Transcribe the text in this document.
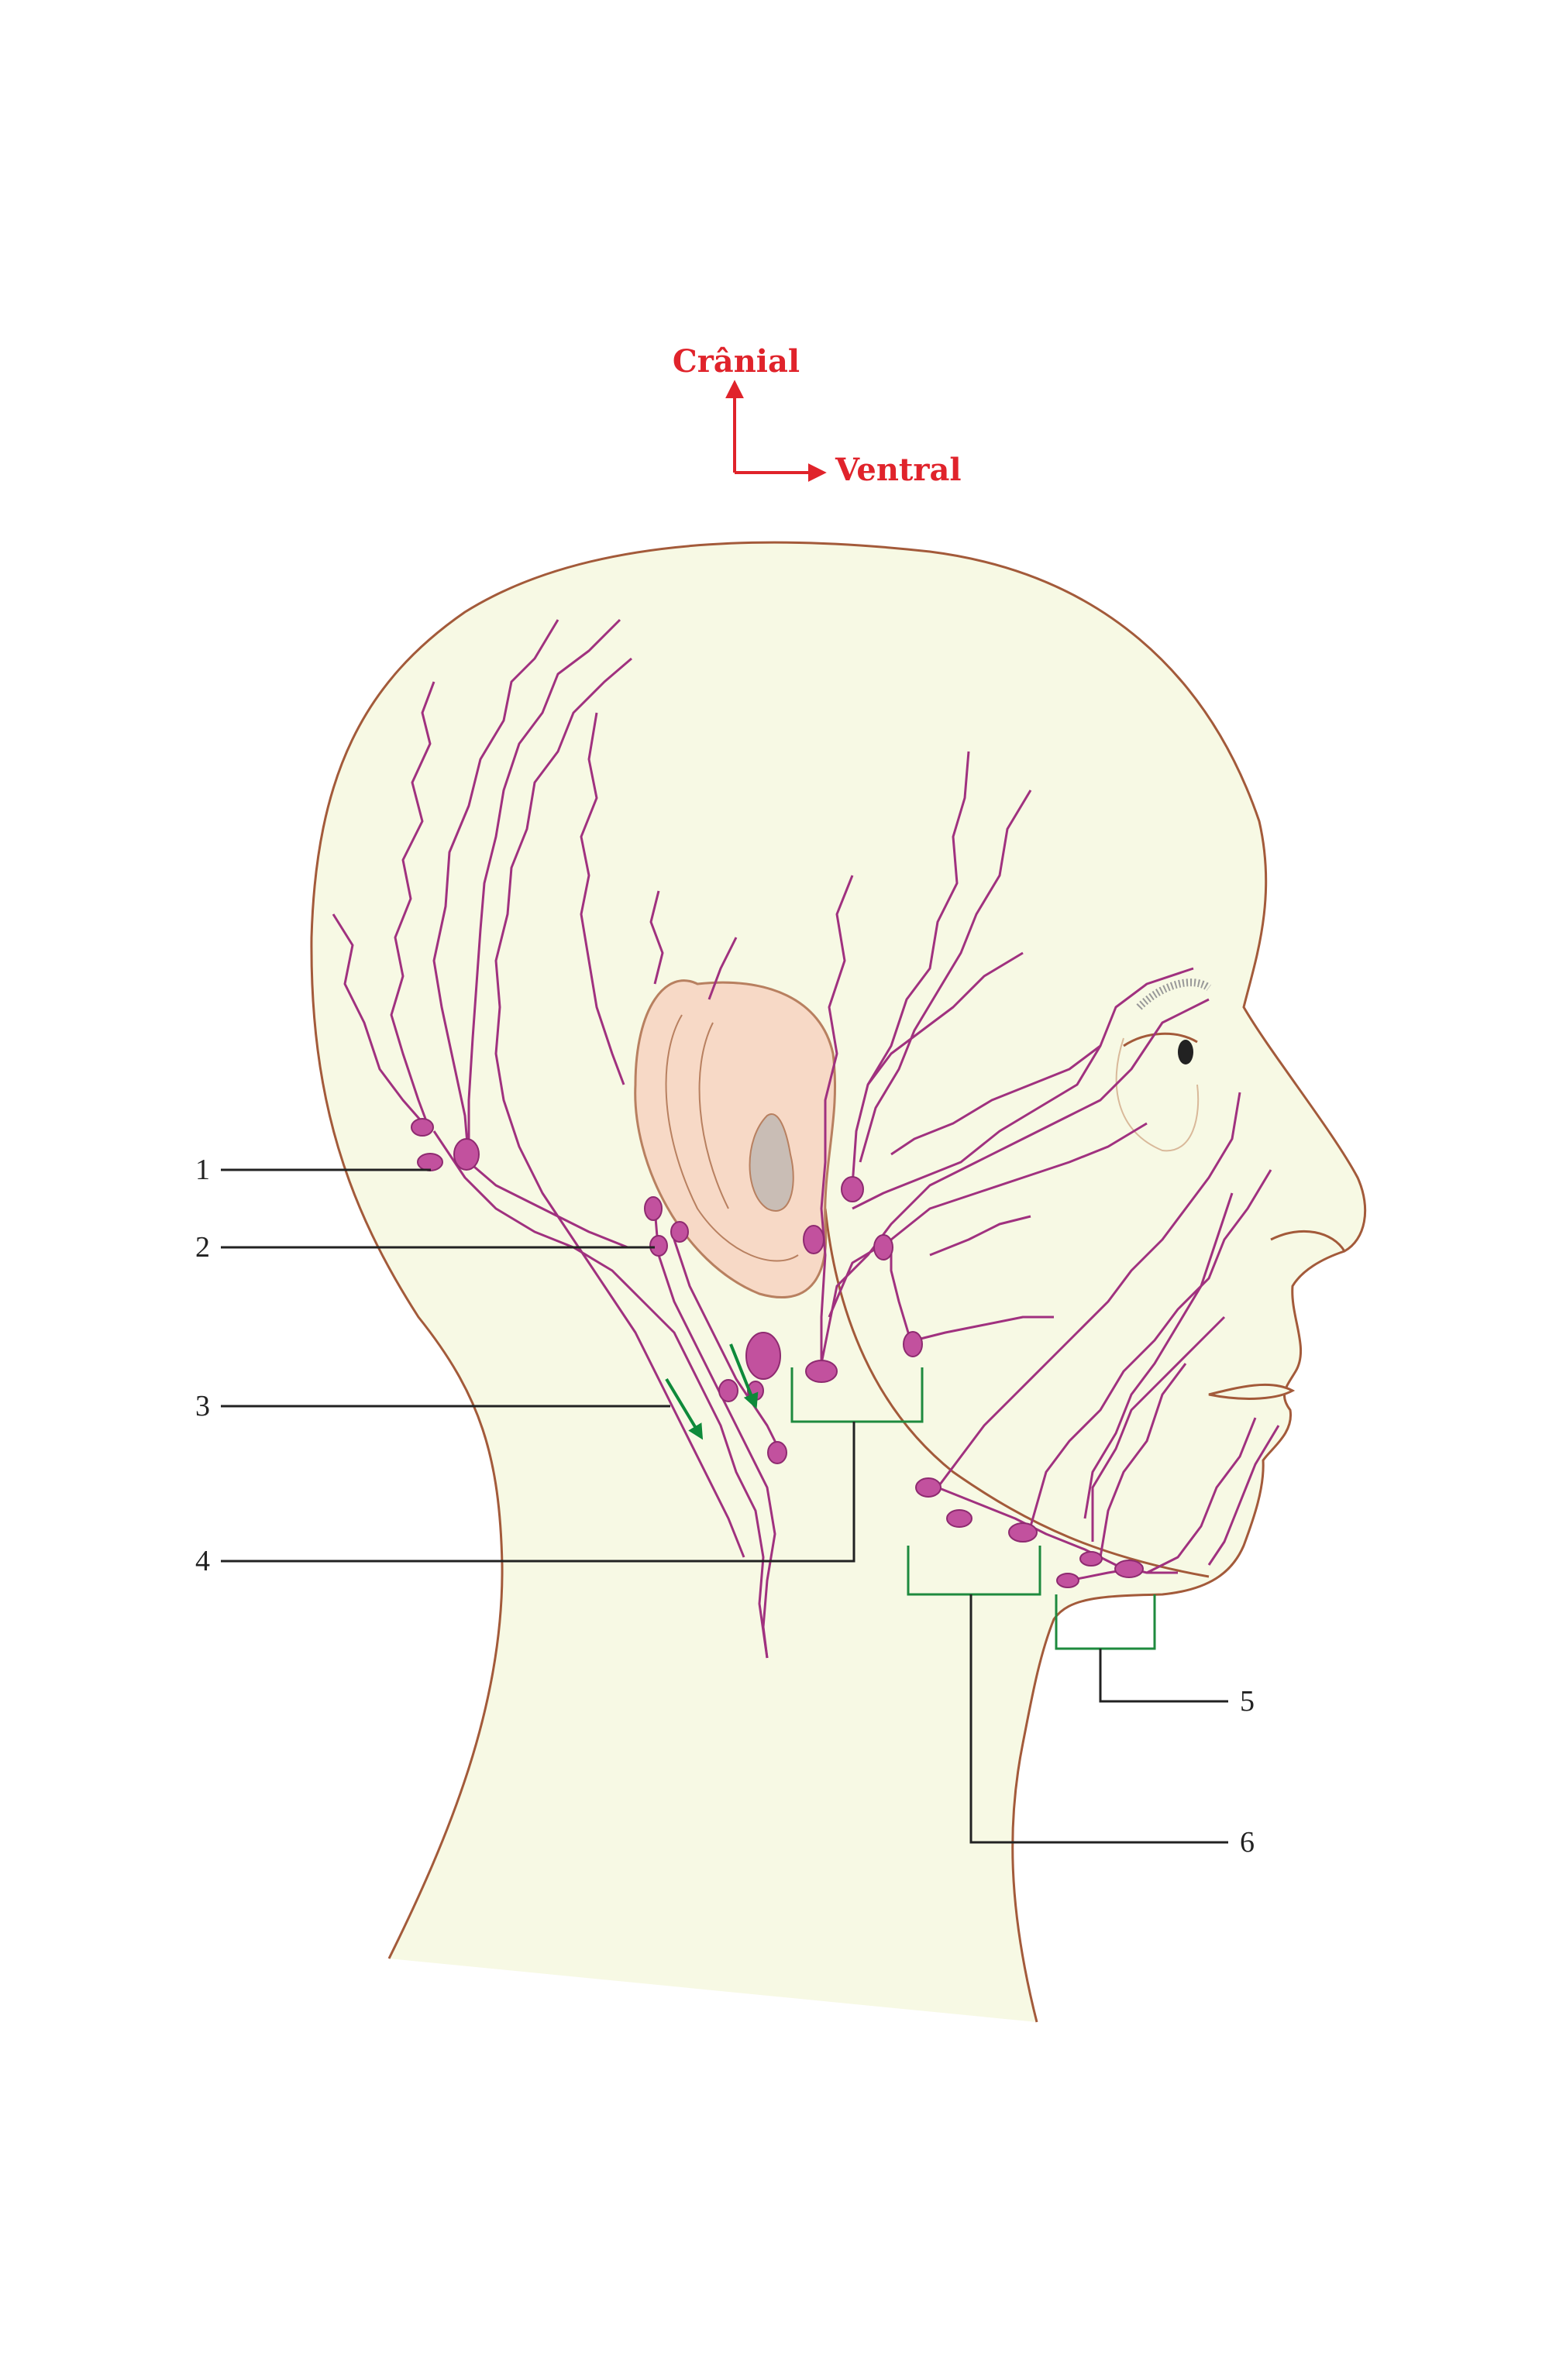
Crânial
Ventral
1
2
3
4
5
6
